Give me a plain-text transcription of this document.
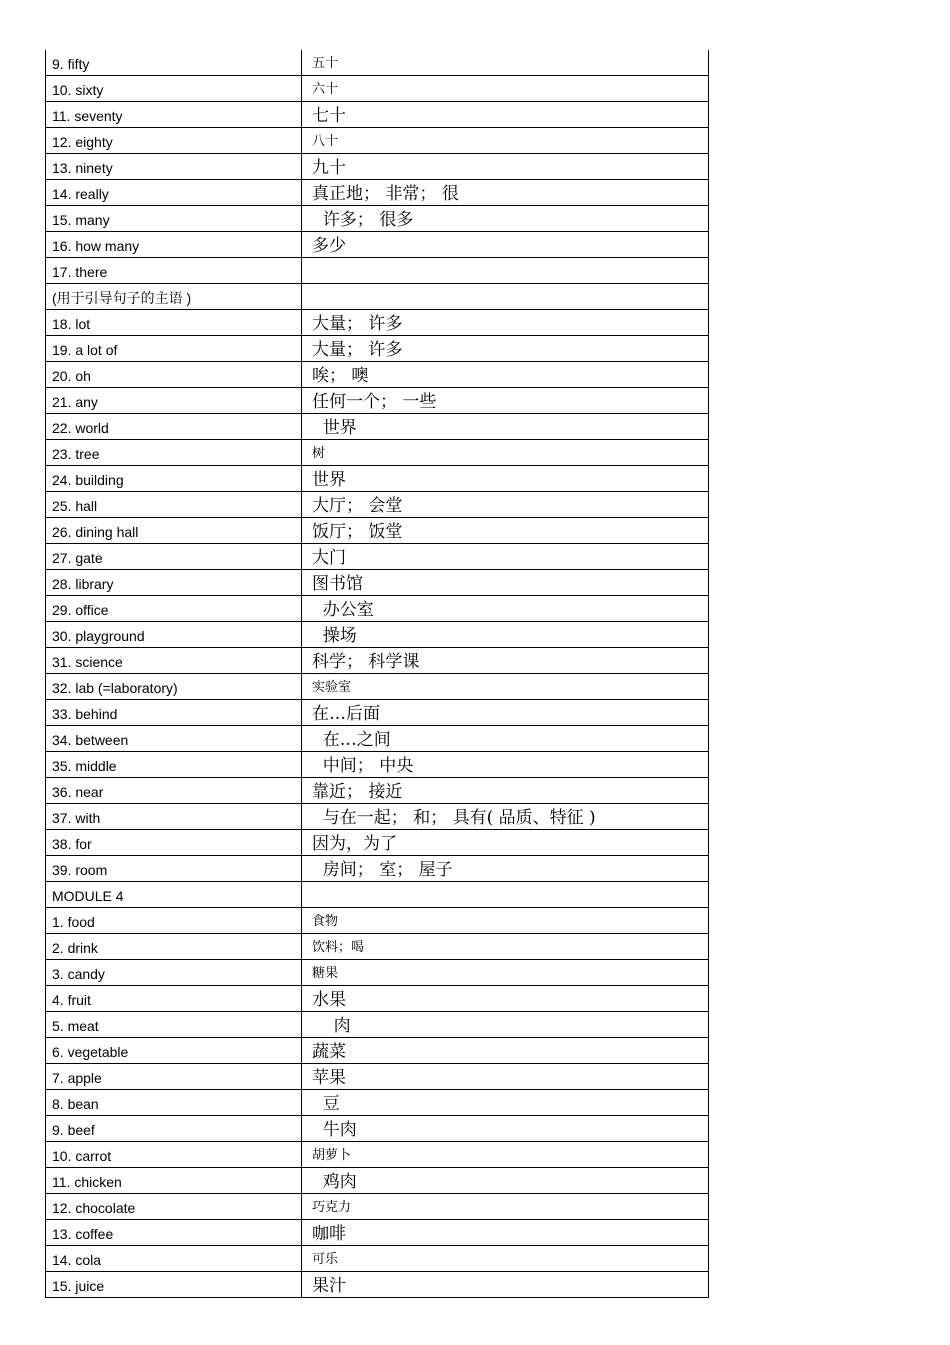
9. fifty	五十
10. sixty	六十
11. seventy	七十
12. eighty	八十
13. ninety	九十
14. really	真正地； 非常； 很
15. many	许多； 很多
16. how many	多少
17. there	
(用于引导句子的主语 )	
18. lot	大量； 许多
19. a lot of	大量； 许多
20. oh	唉； 噢
21. any	任何一个； 一些
22. world	世界
23. tree	树
24. building	世界
25. hall	大厅； 会堂
26. dining hall	饭厅； 饭堂
27. gate	大门
28. library	图书馆
29. office	办公室
30. playground	操场
31. science	科学； 科学课
32. lab (=laboratory)	实验室
33. behind	在…后面
34. between	在…之间
35. middle	中间； 中央
36. near	靠近； 接近
37. with	与在一起； 和； 具有( 品质、特征 )
38. for	因为，为了
39. room	房间； 室； 屋子
MODULE 4	
1. food	食物
2. drink	饮料；喝
3. candy	糖果
4. fruit	水果
5. meat	肉
6. vegetable	蔬菜
7. apple	苹果
8. bean	豆
9. beef	牛肉
10. carrot	胡萝卜
11. chicken	鸡肉
12. chocolate	巧克力
13. coffee	咖啡
14. cola	可乐
15. juice	果汁
